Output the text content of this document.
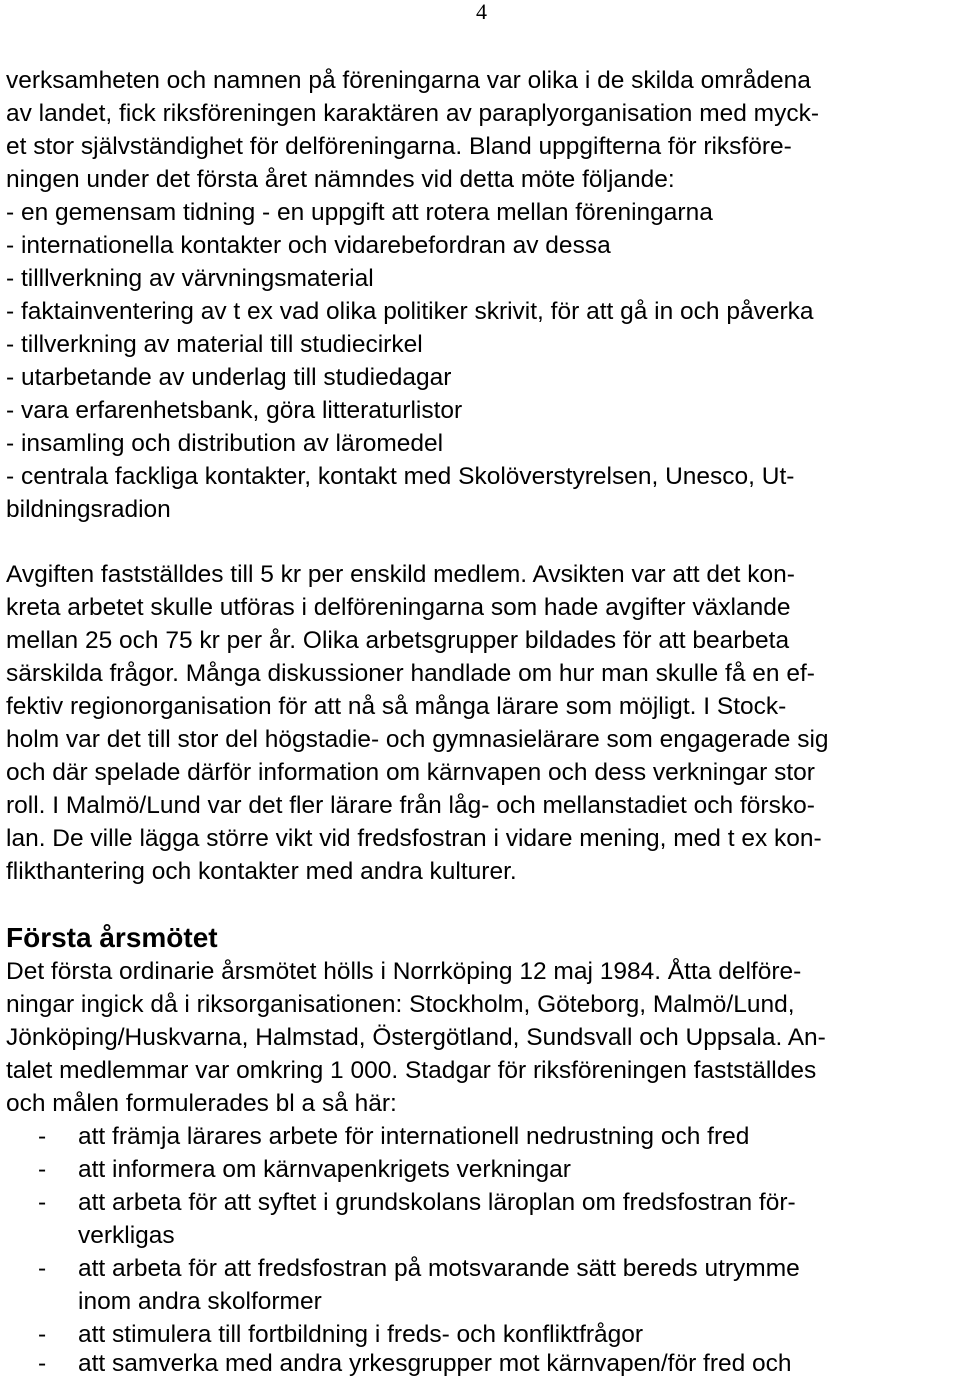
4
verksamheten och namnen på föreningarna var olika i de skilda områdena
av landet, fick riksföreningen karaktären av paraplyorganisation med myck-
et stor självständighet för delföreningarna. Bland uppgifterna för riksföre-
ningen under det första året nämndes vid detta möte följande:
- en gemensam tidning - en uppgift att rotera mellan föreningarna
- internationella kontakter och vidarebefordran av dessa
- tilllverkning av värvningsmaterial
- faktainventering av t ex vad olika politiker skrivit, för att gå in och påverka
- tillverkning av material till studiecirkel
- utarbetande av underlag till studiedagar
- vara erfarenhetsbank, göra litteraturlistor
- insamling och distribution av läromedel
- centrala fackliga kontakter, kontakt med Skolöverstyrelsen, Unesco, Ut-
bildningsradion
Avgiften fastställdes till 5 kr per enskild medlem. Avsikten var att det kon-
kreta arbetet skulle utföras i delföreningarna som hade avgifter växlande
mellan 25 och 75 kr per år. Olika arbetsgrupper bildades för att bearbeta
särskilda frågor. Många diskussioner handlade om hur man skulle få en ef-
fektiv regionorganisation för att nå så många lärare som möjligt. I Stock-
holm var det till stor del högstadie- och gymnasielärare som engagerade sig
och där spelade därför information om kärnvapen och dess verkningar stor
roll. I Malmö/Lund var det fler lärare från låg- och mellanstadiet och försko-
lan. De ville lägga större vikt vid fredsfostran i vidare mening, med t ex kon-
flikthantering och kontakter med andra kulturer.
Första årsmötet
Det första ordinarie årsmötet hölls i Norrköping 12 maj 1984. Åtta delföre-
ningar ingick då i riksorganisationen: Stockholm, Göteborg, Malmö/Lund,
Jönköping/Huskvarna, Halmstad, Östergötland, Sundsvall och Uppsala. An-
talet medlemmar var omkring 1 000. Stadgar för riksföreningen fastställdes
och målen formulerades bl a så här:
- att främja lärares arbete för internationell nedrustning och fred
- att informera om kärnvapenkrigets verkningar
- att arbeta för att syftet i grundskolans läroplan om fredsfostran för-
verkligas
- att arbeta för att fredsfostran på motsvarande sätt bereds utrymme
inom andra skolformer
- att stimulera till fortbildning i freds- och konfliktfrågor
- att samverka med andra yrkesgrupper mot kärnvapen/för fred och
